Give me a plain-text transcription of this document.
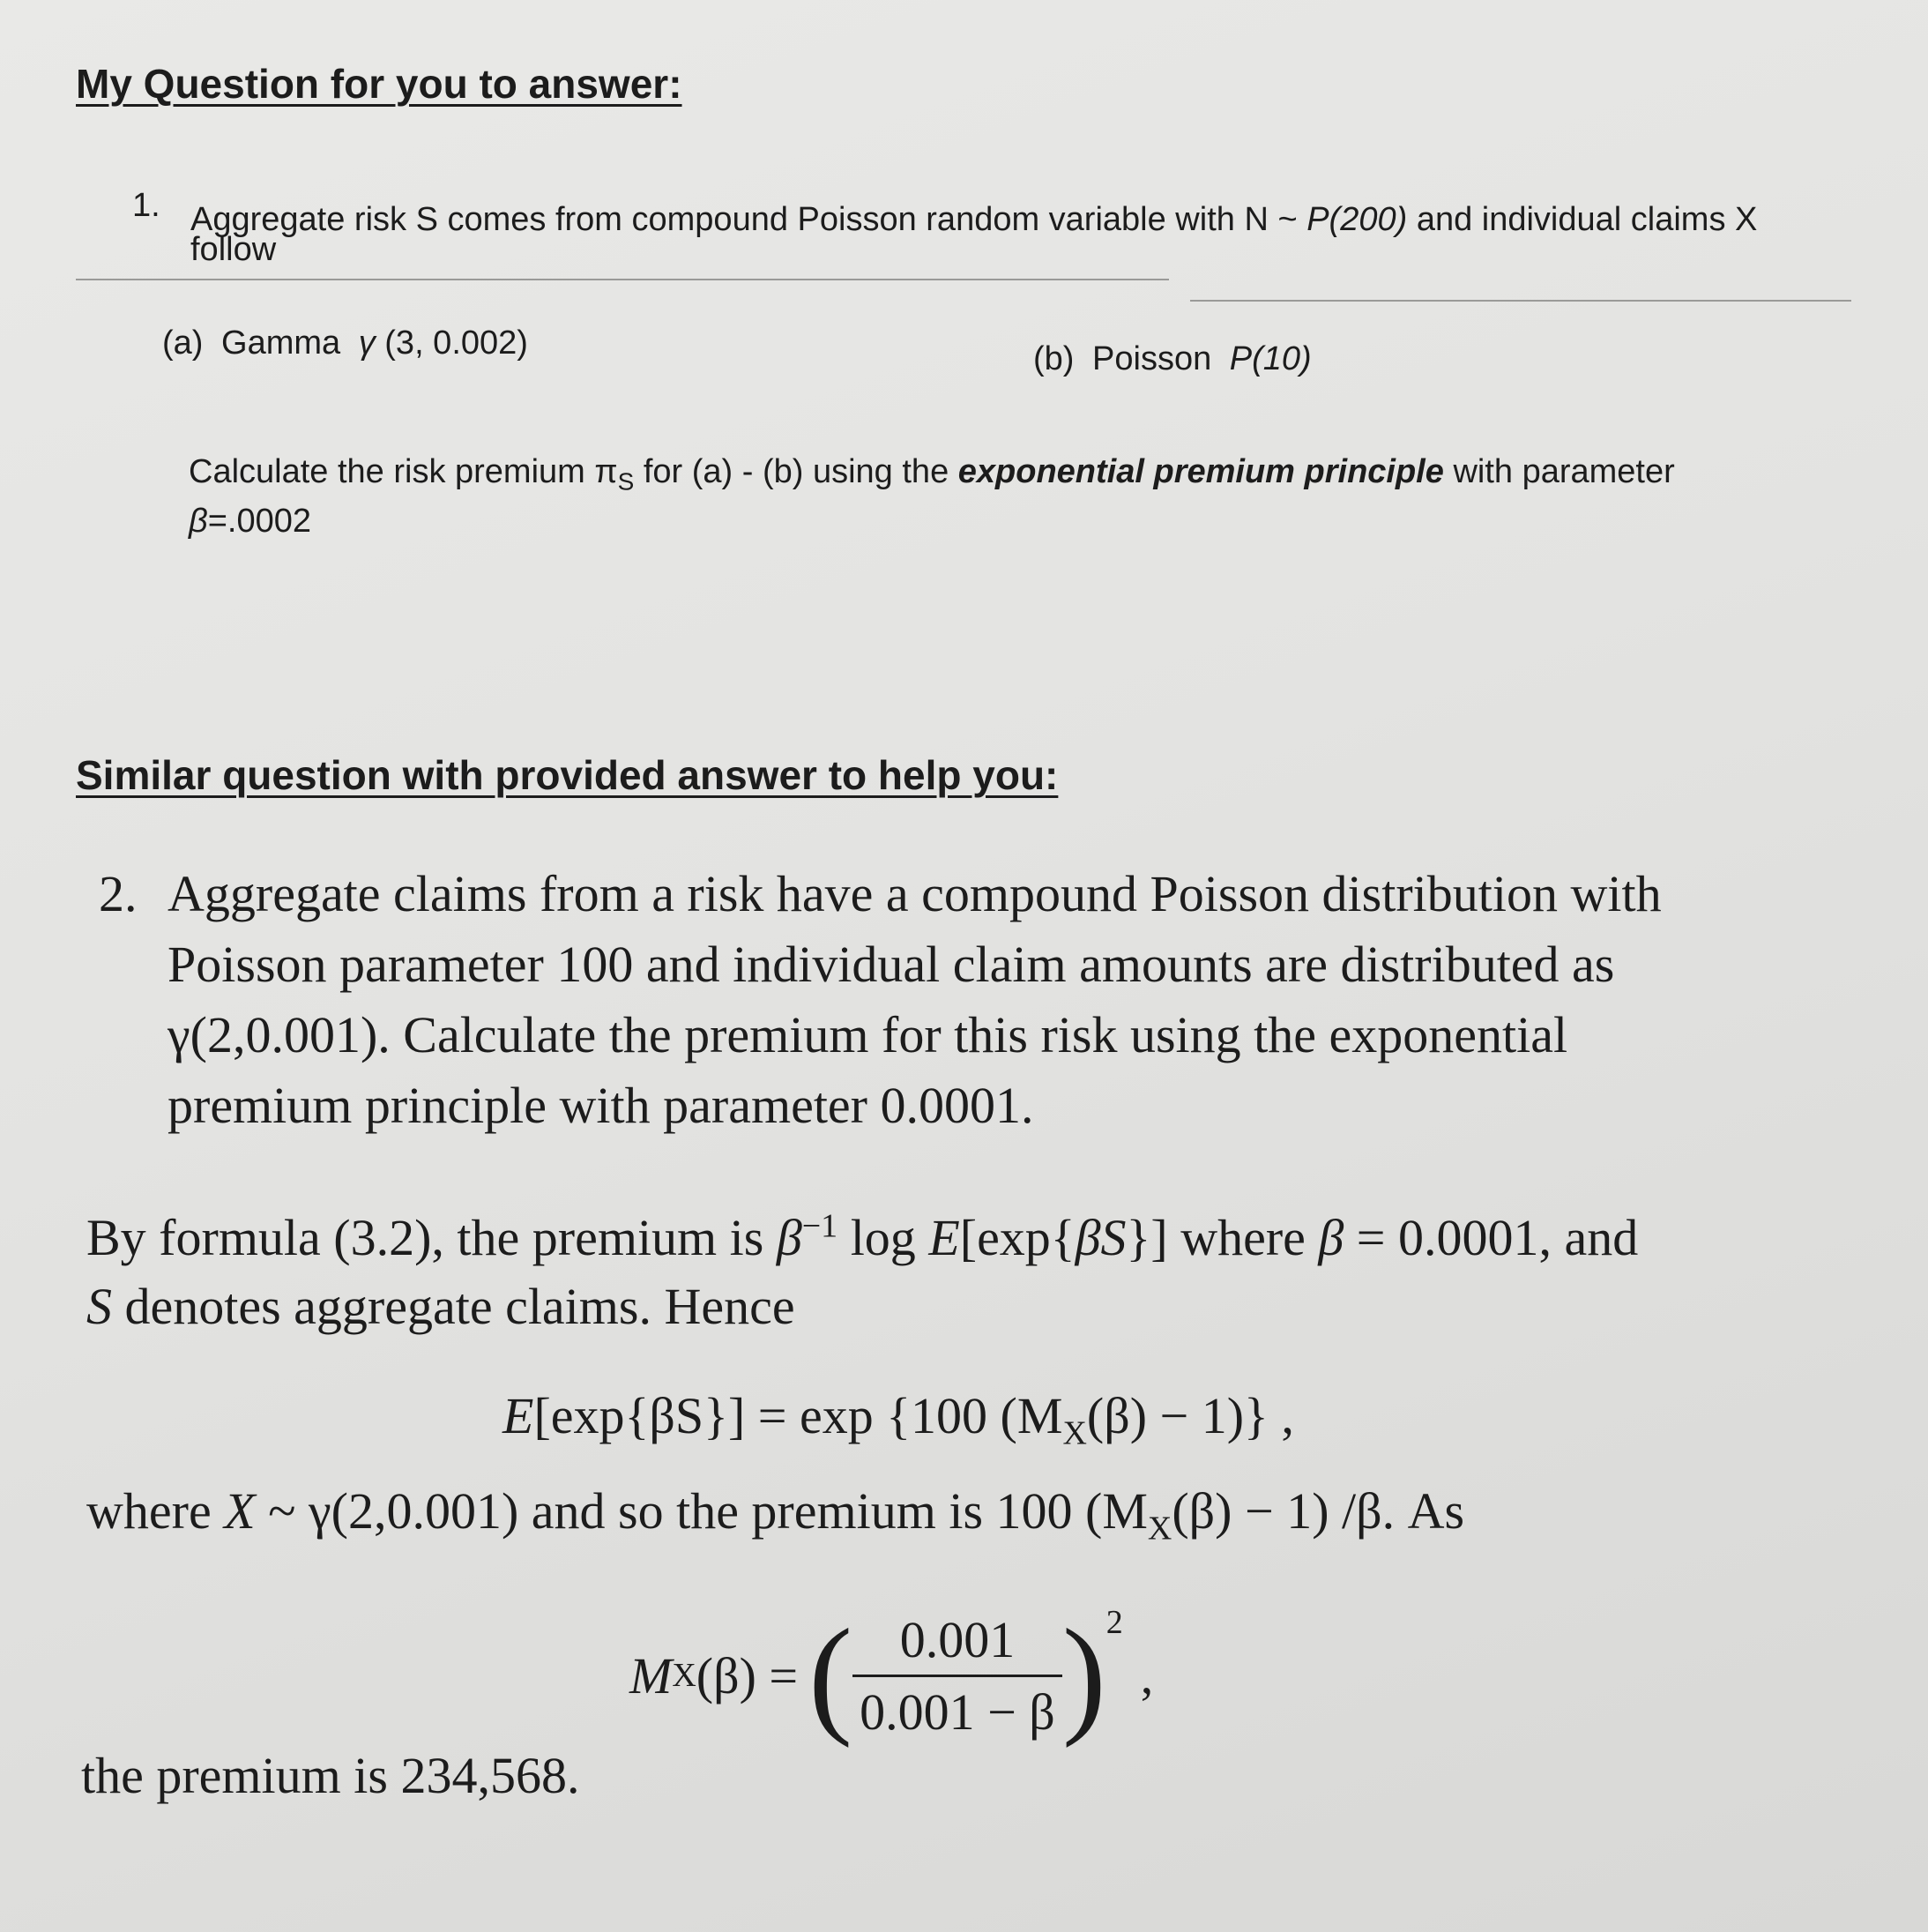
My Question for you to answer:
1. Aggregate risk S comes from compound Poisson random variable with N ~ P(200) and individual claims X
follow
(a) Gamma γ (3, 0.002)	(b) Poisson P(10)
Calculate the risk premium $\pi_S$ for (a) - (b) using the exponential premium principle with parameter
β=.0002
Similar question with provided answer to help you:
2. Aggregate claims from a risk have a compound Poisson distribution with
Poisson parameter 100 and individual claim amounts are distributed as
γ(2,0.001). Calculate the premium for this risk using the exponential
premium principle with parameter 0.0001.
By formula (3.2), the premium is $\beta^{-1}$ log E[exp{βS}] where β = 0.0001, and
S denotes aggregate claims. Hence
E[exp{βS}] = exp {100 $(M_X(\beta) - 1)$} ,
where X ~ γ(2,0.001) and so the premium is 100 $(M_X(\beta) - 1)$ /β. As
M X (β) = ( $\frac{0.001}{0.001 - \beta}$ ) 2
,
the premium is 234,568.
